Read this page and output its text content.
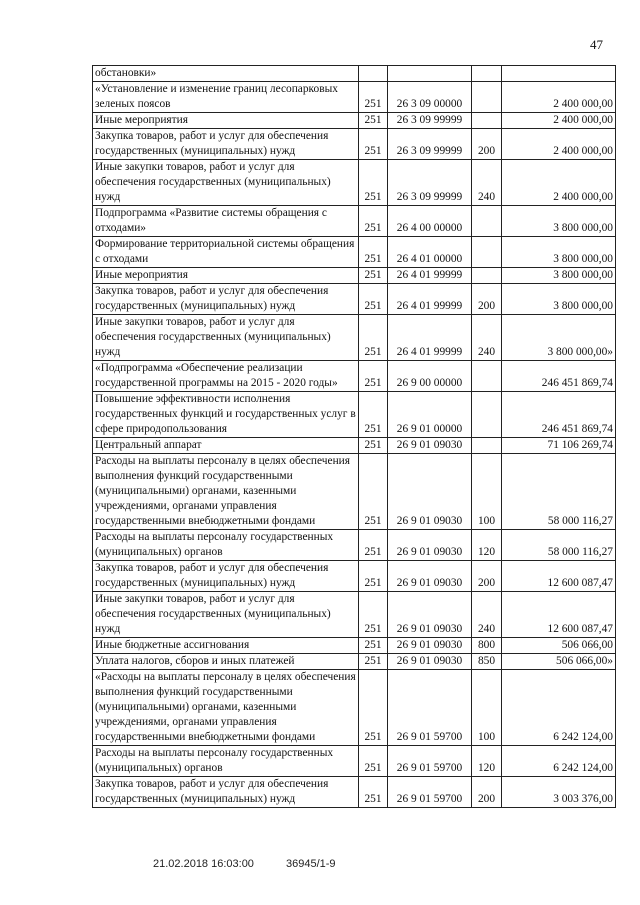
47
обстановки»				
«Установление и изменение границ лесопарковых зеленых поясов	251	26 3 09 00000		2 400 000,00
Иные мероприятия	251	26 3 09 99999		2 400 000,00
Закупка товаров, работ и услуг для обеспечения государственных (муниципальных) нужд	251	26 3 09 99999	200	2 400 000,00
Иные закупки товаров, работ и услуг для обеспечения государственных (муниципальных) нужд	251	26 3 09 99999	240	2 400 000,00
Подпрограмма «Развитие системы обращения с отходами»	251	26 4 00 00000		3 800 000,00
Формирование территориальной системы обращения с отходами	251	26 4 01 00000		3 800 000,00
Иные мероприятия	251	26 4 01 99999		3 800 000,00
Закупка товаров, работ и услуг для обеспечения государственных (муниципальных) нужд	251	26 4 01 99999	200	3 800 000,00
Иные закупки товаров, работ и услуг для обеспечения государственных (муниципальных) нужд	251	26 4 01 99999	240	3 800 000,00»
«Подпрограмма «Обеспечение реализации государственной программы на 2015 - 2020 годы»	251	26 9 00 00000		246 451 869,74
Повышение эффективности исполнения государственных функций и государственных услуг в сфере природопользования	251	26 9 01 00000		246 451 869,74
Центральный аппарат	251	26 9 01 09030		71 106 269,74
Расходы на выплаты персоналу в целях обеспечения выполнения функций государственными (муниципальными) органами, казенными учреждениями, органами управления государственными внебюджетными фондами	251	26 9 01 09030	100	58 000 116,27
Расходы на выплаты персоналу государственных (муниципальных) органов	251	26 9 01 09030	120	58 000 116,27
Закупка товаров, работ и услуг для обеспечения государственных (муниципальных) нужд	251	26 9 01 09030	200	12 600 087,47
Иные закупки товаров, работ и услуг для обеспечения государственных (муниципальных) нужд	251	26 9 01 09030	240	12 600 087,47
Иные бюджетные ассигнования	251	26 9 01 09030	800	506 066,00
Уплата налогов, сборов и иных платежей	251	26 9 01 09030	850	506 066,00»
«Расходы на выплаты персоналу в целях обеспечения выполнения функций государственными (муниципальными) органами, казенными учреждениями, органами управления государственными внебюджетными фондами	251	26 9 01 59700	100	6 242 124,00
Расходы на выплаты персоналу государственных (муниципальных) органов	251	26 9 01 59700	120	6 242 124,00
Закупка товаров, работ и услуг для обеспечения государственных (муниципальных) нужд	251	26 9 01 59700	200	3 003 376,00
21.02.2018 16:03:00	36945/1-9
